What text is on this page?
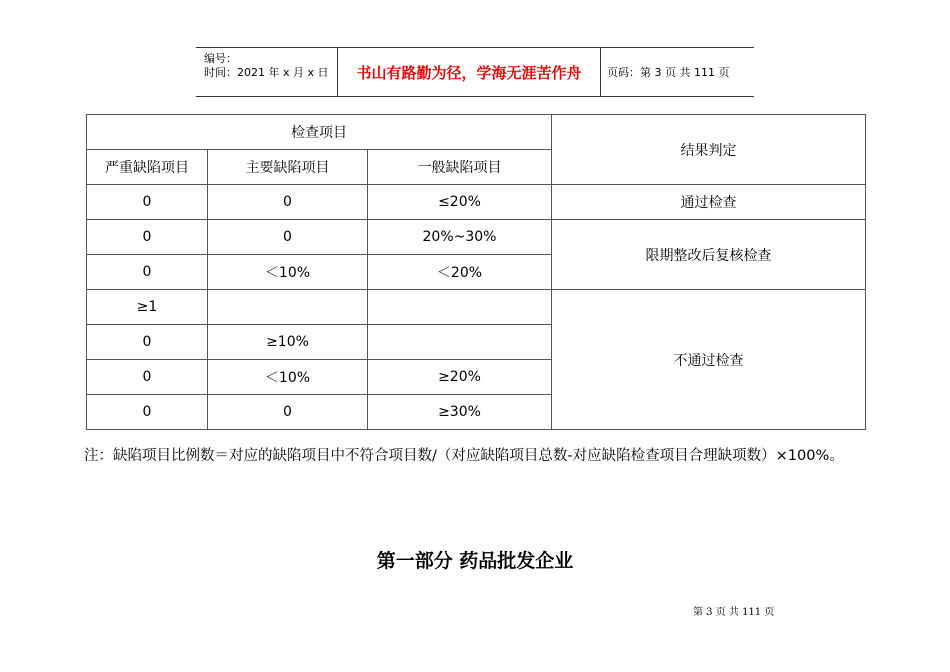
编号：
时间：2021 年 x 月 x 日	书山有路勤为径，学海无涯苦作舟	页码：第 3 页 共 111 页
检查项目			结果判定
严重缺陷项目	主要缺陷项目	一般缺陷项目	
0	0	≤20%	通过检查
0	0	20%~30%	限期整改后复核检查
0	＜10%	＜20%	
≥1			不通过检查
0	≥10%		
0	＜10%	≥20%	
0	0	≥30%	

注：缺陷项目比例数＝对应的缺陷项目中不符合项目数/（对应缺陷项目总数-对应缺陷检查项目合理缺项数）×100%。

第一部分 药品批发企业
第 3 页 共 111 页
